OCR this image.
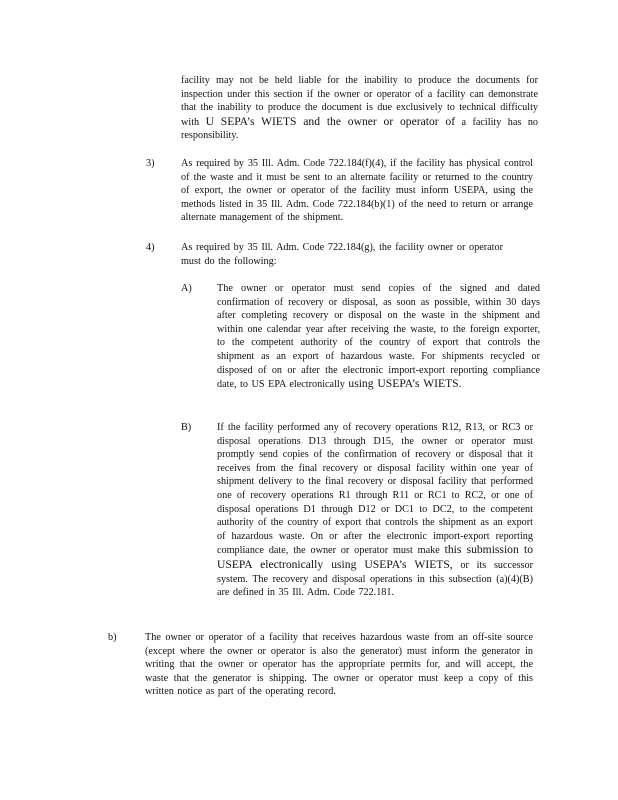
facility may not be held liable for the inability to produce the documents for inspection under this section if the owner or operator of a facility can demonstrate that the inability to produce the document is due exclusively to technical difficulty with U SEPA’s WIETS and the owner or operator of a facility has no responsibility.
3)	As required by 35 Ill. Adm. Code 722.184(f)(4), if the facility has physical control of the waste and it must be sent to an alternate facility or returned to the country of export, the owner or operator of the facility must inform USEPA, using the methods listed in 35 Ill. Adm. Code 722.184(b)(1) of the need to return or arrange alternate management of the shipment.
4)	As required by 35 Ill. Adm. Code 722.184(g), the facility owner or operator must do the following:
A) The owner or operator must send copies of the signed and dated confirmation of recovery or disposal, as soon as possible, within 30 days after completing recovery or disposal on the waste in the shipment and within one calendar year after receiving the waste, to the foreign exporter, to the competent authority of the country of export that controls the shipment as an export of hazardous waste. For shipments recycled or disposed of on or after the electronic import-export reporting compliance date, to US EPA electronically using USEPA’s WIETS.
B)	If the facility performed any of recovery operations R12, R13, or RC3 or disposal operations D13 through D15, the owner or operator must promptly send copies of the confirmation of recovery or disposal that it receives from the final recovery or disposal facility within one year of shipment delivery to the final recovery or disposal facility that performed one of recovery operations R1 through R11 or RC1 to RC2, or one of disposal operations D1 through D12 or DC1 to DC2, to the competent authority of the country of export that controls the shipment as an export of hazardous waste. On or after the electronic import-export reporting compliance date, the owner or operator must make this submission to USEPA electronically using USEPA’s WIETS, or its successor system. The recovery and disposal operations in this subsection (a)(4)(B) are defined in 35 Ill. Adm. Code 722.181.
b)	The owner or operator of a facility that receives hazardous waste from an off-site source (except where the owner or operator is also the generator) must inform the generator in writing that the owner or operator has the appropriate permits for, and will accept, the waste that the generator is shipping. The owner or operator must keep a copy of this written notice as part of the operating record.
